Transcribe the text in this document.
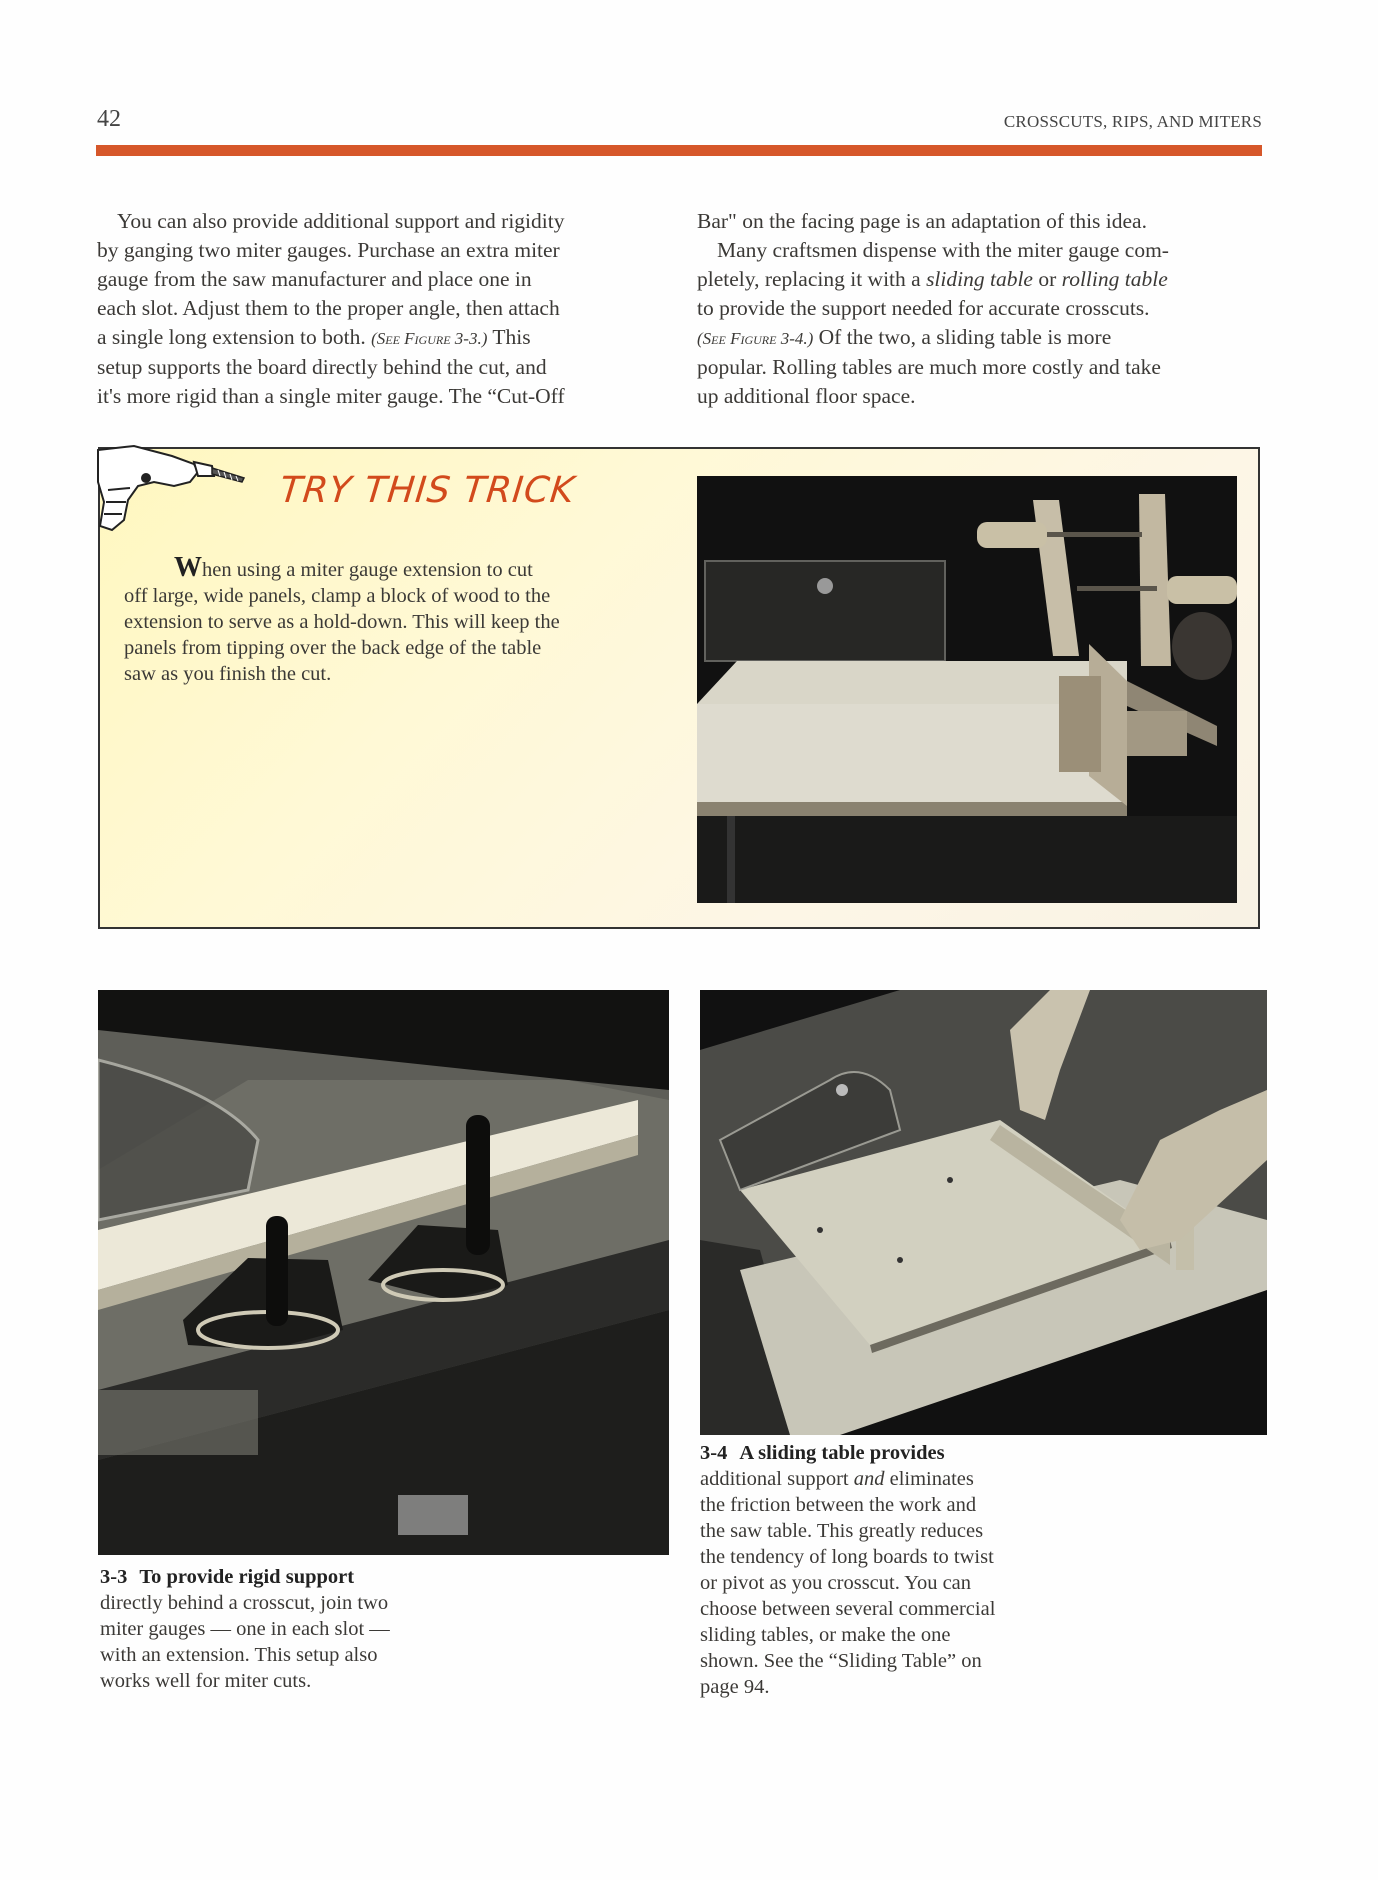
42	CROSSCUTS, RIPS, AND MITERS
You can also provide additional support and rigidity
by ganging two miter gauges. Purchase an extra miter
gauge from the saw manufacturer and place one in
each slot. Adjust them to the proper angle, then attach
a single long extension to both. (See Figure 3-3.) This
setup supports the board directly behind the cut, and
it's more rigid than a single miter gauge. The “Cut-Off
Bar" on the facing page is an adaptation of this idea.
Many craftsmen dispense with the miter gauge com-
pletely, replacing it with a sliding table or rolling table
to provide the support needed for accurate crosscuts.
(See Figure 3-4.) Of the two, a sliding table is more
popular. Rolling tables are much more costly and take
up additional floor space.
TRY THIS TRICK
When using a miter gauge extension to cut
off large, wide panels, clamp a block of wood to the
extension to serve as a hold-down. This will keep the
panels from tipping over the back edge of the table
saw as you finish the cut.
3-3 To provide rigid support
directly behind a crosscut, join two
miter gauges — one in each slot —
with an extension. This setup also
works well for miter cuts.
3-4 A sliding table provides
additional support and eliminates
the friction between the work and
the saw table. This greatly reduces
the tendency of long boards to twist
or pivot as you crosscut. You can
choose between several commercial
sliding tables, or make the one
shown. See the “Sliding Table” on
page 94.
